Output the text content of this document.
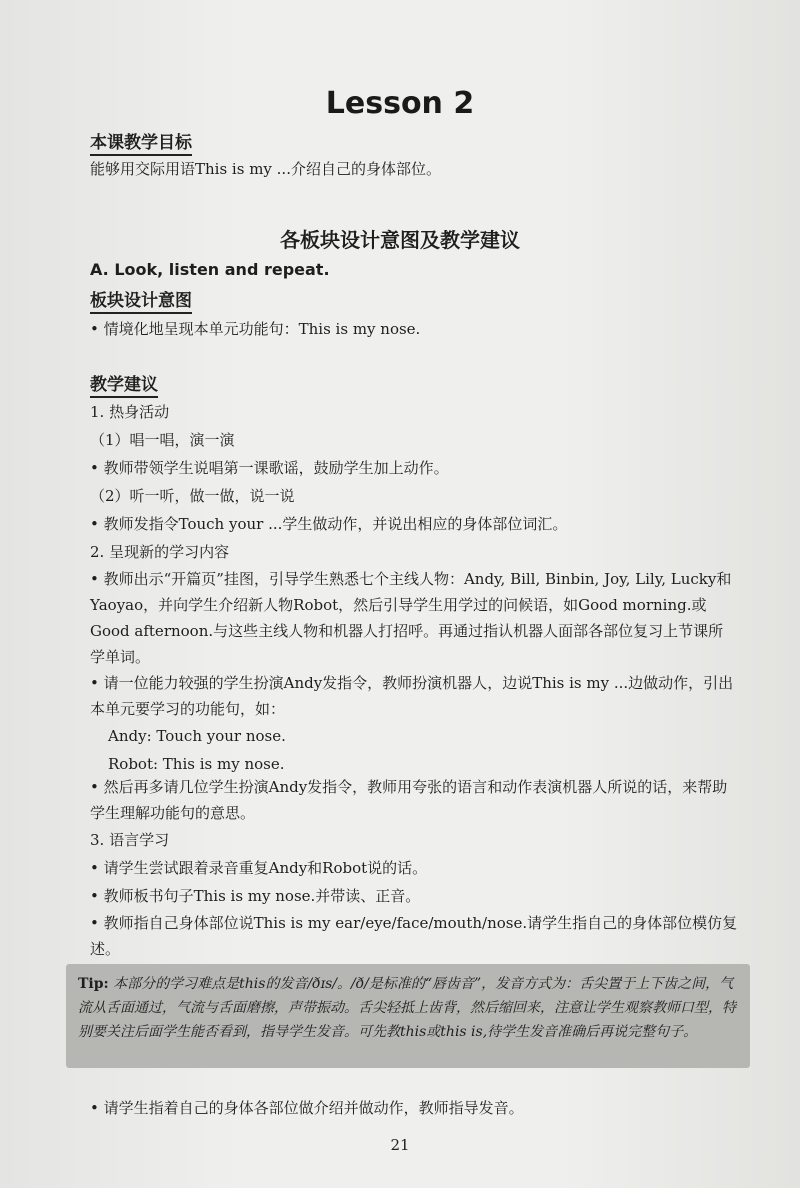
Lesson 2
本课教学目标
能够用交际用语This is my ...介绍自己的身体部位。
各板块设计意图及教学建议
A. Look, listen and repeat.
板块设计意图
• 情境化地呈现本单元功能句：This is my nose.
教学建议
1. 热身活动
（1）唱一唱，演一演
• 教师带领学生说唱第一课歌谣，鼓励学生加上动作。
（2）听一听，做一做，说一说
• 教师发指令Touch your ...学生做动作，并说出相应的身体部位词汇。
2. 呈现新的学习内容
• 教师出示“开篇页”挂图，引导学生熟悉七个主线人物：Andy, Bill, Binbin, Joy, Lily, Lucky和Yaoyao，并向学生介绍新人物Robot，然后引导学生用学过的问候语，如Good morning.或Good afternoon.与这些主线人物和机器人打招呼。再通过指认机器人面部各部位复习上节课所学单词。
• 请一位能力较强的学生扮演Andy发指令，教师扮演机器人，边说This is my ...边做动作，引出本单元要学习的功能句，如：
Andy: Touch your nose.
Robot: This is my nose.
• 然后再多请几位学生扮演Andy发指令，教师用夸张的语言和动作表演机器人所说的话，来帮助学生理解功能句的意思。
3. 语言学习
• 请学生尝试跟着录音重复Andy和Robot说的话。
• 教师板书句子This is my nose.并带读、正音。
• 教师指自己身体部位说This is my ear/eye/face/mouth/nose.请学生指自己的身体部位模仿复述。
Tip: 本部分的学习难点是this的发音/ðɪs/。/ð/是标准的“唇齿音”，发音方式为：舌尖置于上下齿之间，气流从舌面通过，气流与舌面磨擦，声带振动。舌尖轻抵上齿背，然后缩回来，注意让学生观察教师口型，特别要关注后面学生能否看到，指导学生发音。可先教this或this is,待学生发音准确后再说完整句子。
• 请学生指着自己的身体各部位做介绍并做动作，教师指导发音。
21
